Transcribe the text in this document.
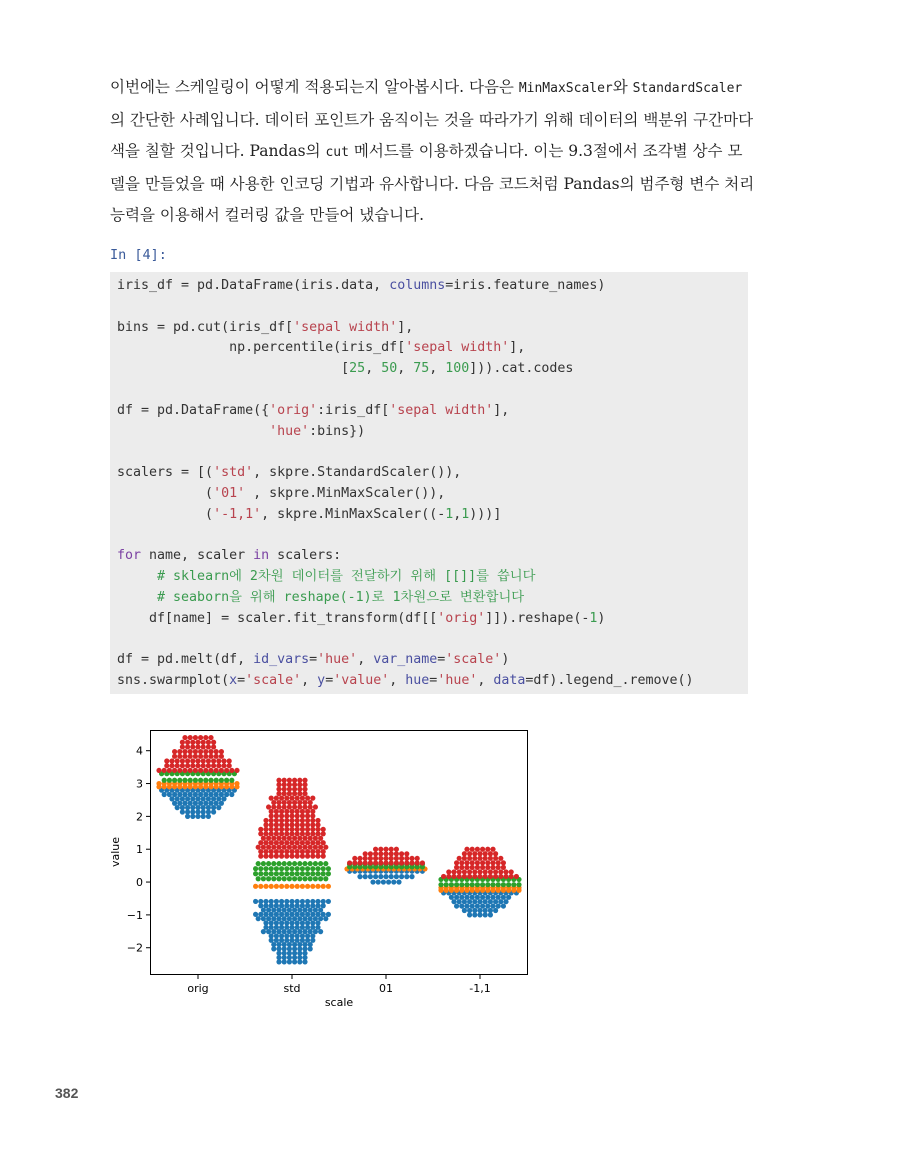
이번에는 스케일링이 어떻게 적용되는지 알아봅시다. 다음은 MinMaxScaler와 StandardScaler의 간단한 사례입니다. 데이터 포인트가 움직이는 것을 따라가기 위해 데이터의 백분위 구간마다 색을 칠할 것입니다. Pandas의 cut 메서드를 이용하겠습니다. 이는 9.3절에서 조각별 상수 모델을 만들었을 때 사용한 인코딩 기법과 유사합니다. 다음 코드처럼 Pandas의 범주형 변수 처리 능력을 이용해서 컬러링 값을 만들어 냈습니다.

In [4]:
iris_df = pd.DataFrame(iris.data, columns=iris.feature_names)

bins = pd.cut(iris_df['sepal width'],
np.percentile(iris_df['sepal width'],
[25, 50, 75, 100])).cat.codes

df = pd.DataFrame({'orig':iris_df['sepal width'],
'hue':bins})

scalers = [('std', skpre.StandardScaler()),
('01' , skpre.MinMaxScaler()),
('-1,1', skpre.MinMaxScaler((-1,1)))]

for name, scaler in scalers:
# sklearn에 2차원 데이터를 전달하기 위해 [[]]를 씁니다
# seaborn을 위해 reshape(-1)로 1차원으로 변환합니다
df[name] = scaler.fit_transform(df[['orig']]).reshape(-1)

df = pd.melt(df, id_vars='hue', var_name='scale')
sns.swarmplot(x='scale', y='value', hue='hue', data=df).legend_.remove()
−2
−1
0
1
2
3
4
orig	std	01	-1,1
value
scale
382
